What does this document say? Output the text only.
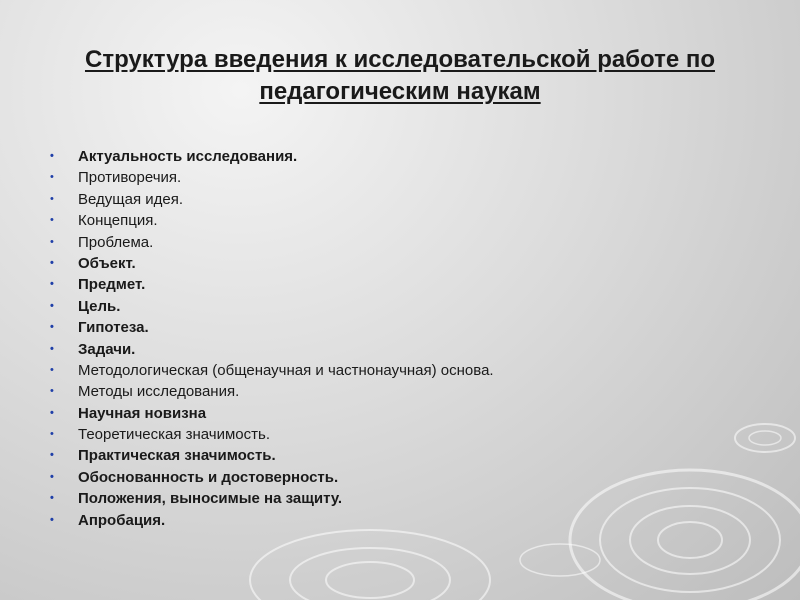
Структура введения к исследовательской работе по
педагогическим наукам
•	Актуальность исследования.
•	Противоречия.
•	Ведущая идея.
•	Концепция.
•	Проблема.
•	Объект.
•	Предмет.
•	Цель.
•	Гипотеза.
•	Задачи.
•	Методологическая (общенаучная и частнонаучная) основа.
•	Методы исследования.
•	Научная новизна
•	Теоретическая значимость.
•	Практическая значимость.
•	Обоснованность и достоверность.
•	Положения, выносимые на защиту.
•	Апробация.
